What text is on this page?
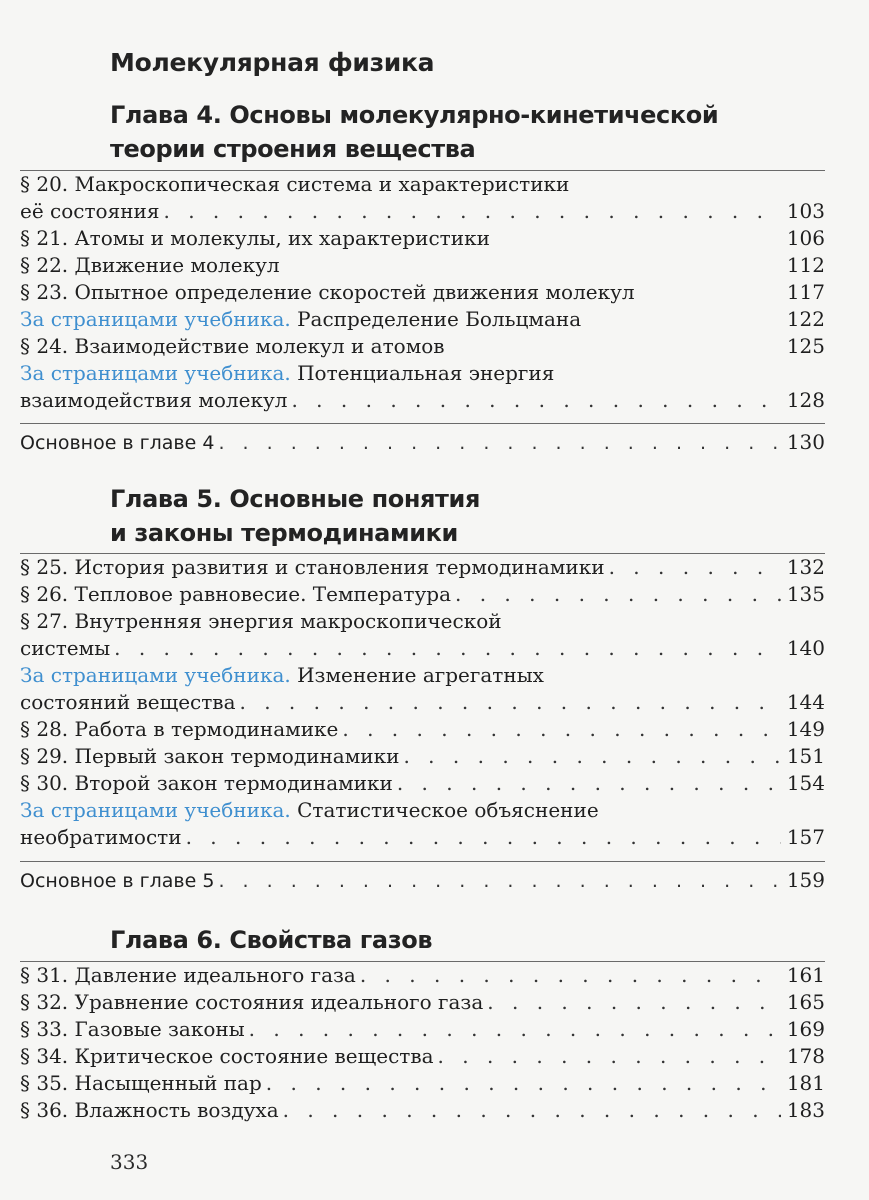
Молекулярная физика
Глава 4. Основы молекулярно-кинетической
теории строения вещества
§ 20. Макроскопическая система и характеристики
её состояния . . .	103
§ 21. Атомы и молекулы, их характеристики	106
§ 22. Движение молекул	112
§ 23. Опытное определение скоростей движения молекул	117
За страницами учебника. Распределение Больцмана	122
§ 24. Взаимодействие молекул и атомов	125
За страницами учебника. Потенциальная энергия
взаимодействия молекул . . .	128
Основное в главе 4 . . .	130
Глава 5. Основные понятия
и законы термодинамики
§ 25. История развития и становления термодинамики . . .	132
§ 26. Тепловое равновесие. Температура . . .	135
§ 27. Внутренняя энергия макроскопической
системы . . .	140
За страницами учебника. Изменение агрегатных
состояний вещества . . .	144
§ 28. Работа в термодинамике . . .	149
§ 29. Первый закон термодинамики . . .	151
§ 30. Второй закон термодинамики . . .	154
За страницами учебника. Статистическое объяснение
необратимости . . .	157
Основное в главе 5 . . .	159
Глава 6. Свойства газов
§ 31. Давление идеального газа . . .	161
§ 32. Уравнение состояния идеального газа . . .	165
§ 33. Газовые законы . . .	169
§ 34. Критическое состояние вещества . . .	178
§ 35. Насыщенный пар . . .	181
§ 36. Влажность воздуха . . .	183
333
